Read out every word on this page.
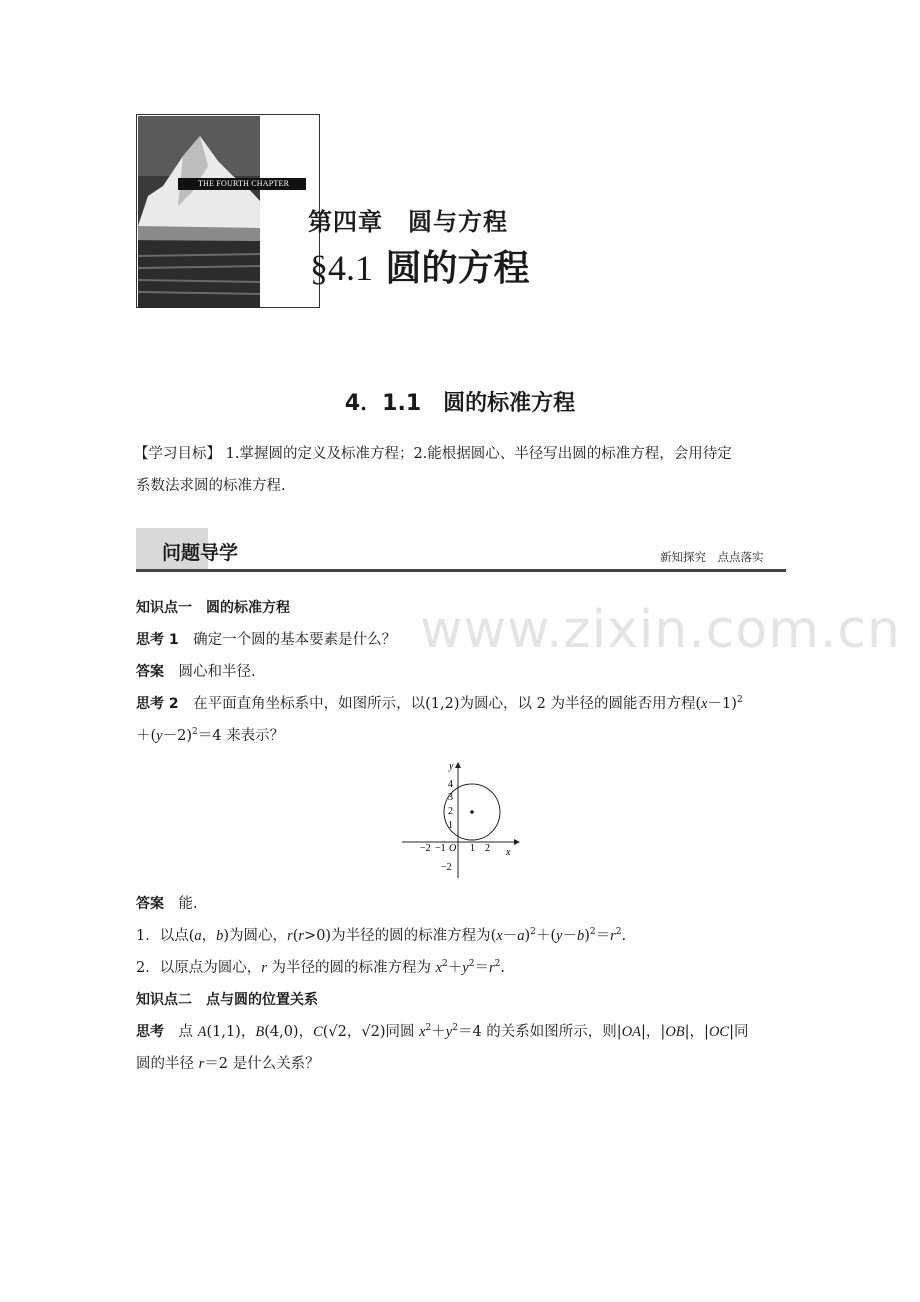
THE FOURTH CHAPTER
第四章　圆与方程
§4.1 圆的方程
4．1.1　圆的标准方程
【学习目标】 1.掌握圆的定义及标准方程；2.能根据圆心、半径写出圆的标准方程，会用待定
系数法求圆的标准方程.
问题导学	新知探究　点点落实
www.zixin.com.cn
知识点一　圆的标准方程
思考 1　确定一个圆的基本要素是什么？
答案　圆心和半径.
思考 2　在平面直角坐标系中，如图所示，以(1,2)为圆心，以 2 为半径的圆能否用方程$(x-1)^2$
$+(y-2)^2=4$ 来表示？
y
x
O
4
3
2
1
−2
−2 −1 1 2
答案　能.
1．以点(a，b)为圆心，r(r>0)为半径的圆的标准方程为$(x-a)^2+(y-b)^2=r^2$.
2．以原点为圆心，r 为半径的圆的标准方程为 $x^2+y^2=r^2$.
知识点二　点与圆的位置关系
思考　点 A(1,1)，B(4,0)，C(√2，√2)同圆 $x^2+y^2=4$ 的关系如图所示，则|OA|，|OB|，|OC|同
圆的半径 r＝2 是什么关系？
